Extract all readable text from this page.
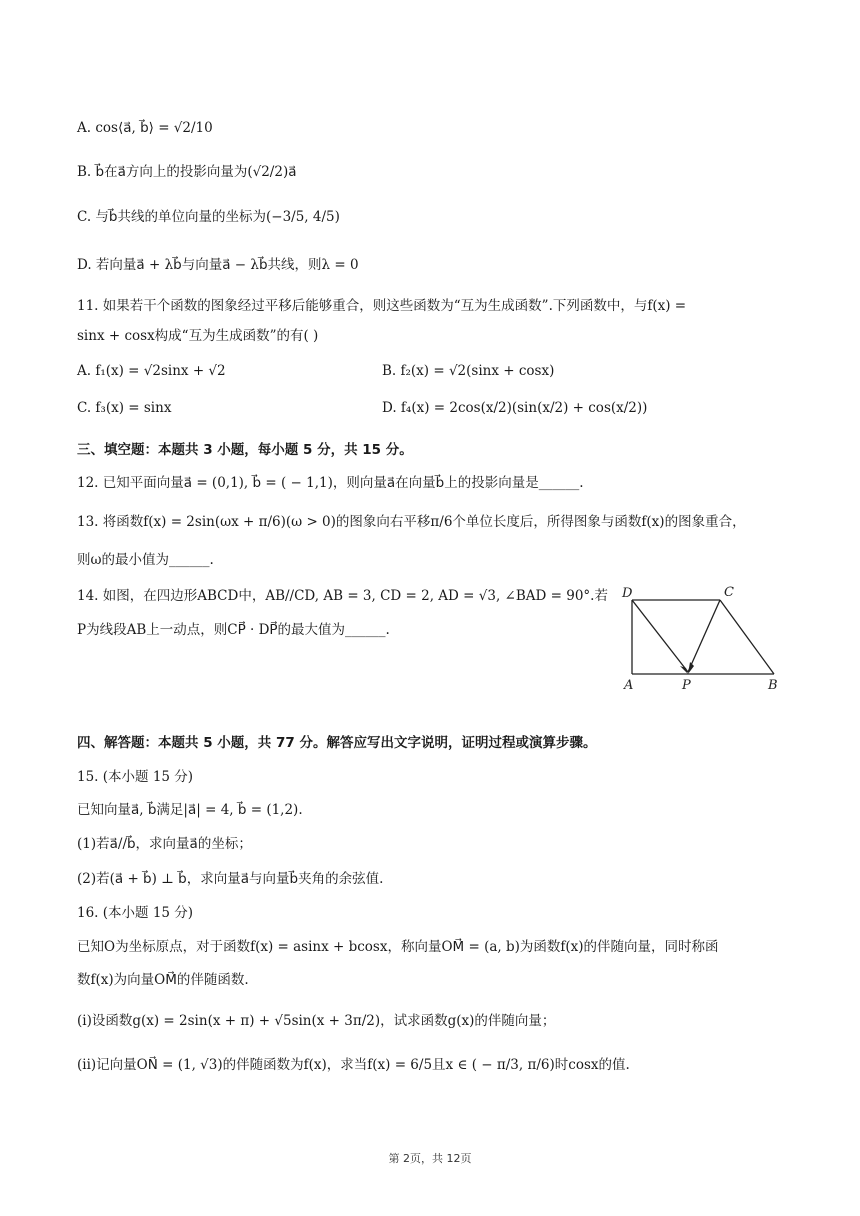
A. cos⟨a⃗, b⃗⟩ = √2/10
B. b⃗在a⃗方向上的投影向量为(√2/2)a⃗
C. 与b⃗共线的单位向量的坐标为(−3/5, 4/5)
D. 若向量a⃗ + λb⃗与向量a⃗ − λb⃗共线，则λ = 0
11. 如果若干个函数的图象经过平移后能够重合，则这些函数为“互为生成函数”.下列函数中，与f(x) =
sinx + cosx构成“互为生成函数”的有( )
A. f₁(x) = √2sinx + √2	B. f₂(x) = √2(sinx + cosx)
C. f₃(x) = sinx	D. f₄(x) = 2cos(x/2)(sin(x/2) + cos(x/2))
三、填空题：本题共 3 小题，每小题 5 分，共 15 分。
12. 已知平面向量a⃗ = (0,1), b⃗ = ( − 1,1)，则向量a⃗在向量b⃗上的投影向量是______.
13. 将函数f(x) = 2sin(ωx + π/6)(ω > 0)的图象向右平移π/6个单位长度后，所得图象与函数f(x)的图象重合，
则ω的最小值为______.
14. 如图，在四边形ABCD中，AB//CD, AB = 3, CD = 2, AD = √3, ∠BAD = 90°.若
P为线段AB上一动点，则CP⃗ · DP⃗的最大值为______.
D	C
A	P	B
四、解答题：本题共 5 小题，共 77 分。解答应写出文字说明，证明过程或演算步骤。
15. (本小题 15 分)
已知向量a⃗, b⃗满足|a⃗| = 4, b⃗ = (1,2).
(1)若a⃗//b⃗，求向量a⃗的坐标；
(2)若(a⃗ + b⃗) ⊥ b⃗，求向量a⃗与向量b⃗夹角的余弦值.
16. (本小题 15 分)
已知O为坐标原点，对于函数f(x) = asinx + bcosx，称向量OM⃗ = (a, b)为函数f(x)的伴随向量，同时称函
数f(x)为向量OM⃗的伴随函数.
(i)设函数g(x) = 2sin(x + π) + √5sin(x + 3π/2)，试求函数g(x)的伴随向量；
(ii)记向量ON⃗ = (1, √3)的伴随函数为f(x)，求当f(x) = 6/5且x ∈ ( − π/3, π/6)时cosx的值.
第 2页，共 12页
